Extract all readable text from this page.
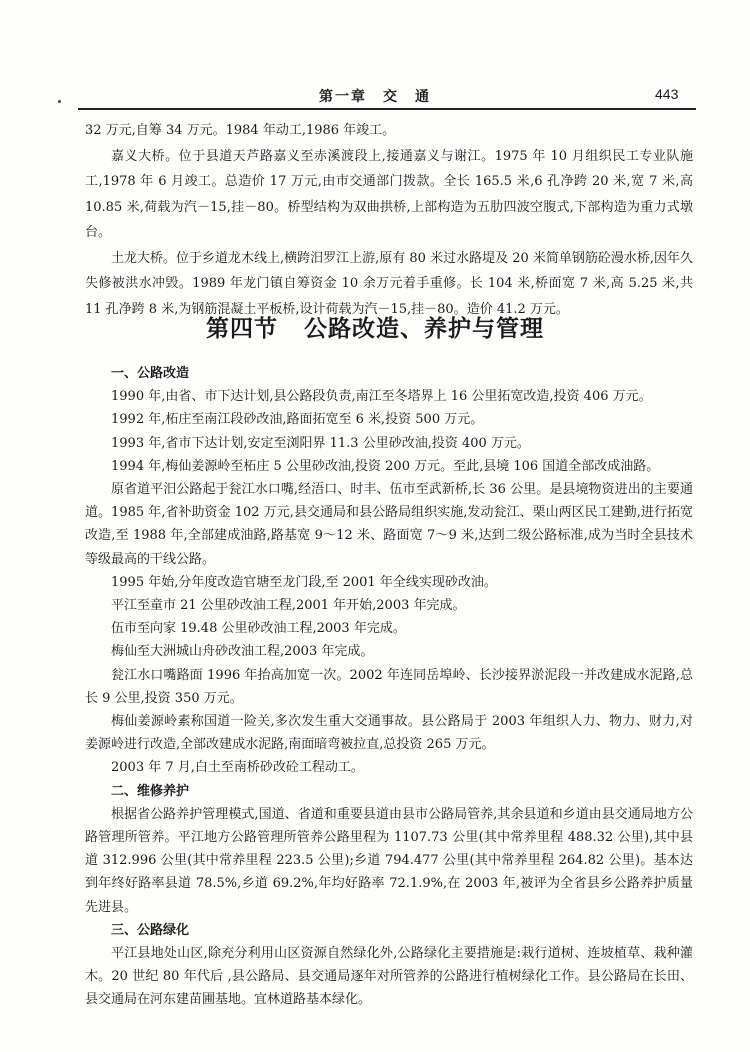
第一章　交　通	443

32 万元,自筹 34 万元。1984 年动工,1986 年竣工。

嘉义大桥。位于县道天芦路嘉义至赤溪渡段上,接通嘉义与谢江。1975 年 10 月组织民工专业队施工,1978 年 6 月竣工。总造价 17 万元,由市交通部门拨款。全长 165.5 米,6 孔净跨 20 米,宽 7 米,高 10.85 米,荷载为汽－15,挂－80。桥型结构为双曲拱桥,上部构造为五肋四波空腹式,下部构造为重力式墩台。

土龙大桥。位于乡道龙木线上,横跨汨罗江上游,原有 80 米过水路堤及 20 米简单钢筋砼漫水桥,因年久失修被洪水冲毁。1989 年龙门镇自筹资金 10 余万元着手重修。长 104 米,桥面宽 7 米,高 5.25 米,共 11 孔净跨 8 米,为钢筋混凝土平板桥,设计荷载为汽－15,挂－80。造价 41.2 万元。

第四节 公路改造、养护与管理
一、公路改造

1990 年,由省、市下达计划,县公路段负责,南江至冬塔界上 16 公里拓宽改造,投资 406 万元。

1992 年,柘庄至南江段砂改油,路面拓宽至 6 米,投资 500 万元。

1993 年,省市下达计划,安定至浏阳界 11.3 公里砂改油,投资 400 万元。

1994 年,梅仙姜源岭至柘庄 5 公里砂改油,投资 200 万元。至此,县境 106 国道全部改成油路。

原省道平汨公路起于瓮江水口嘴,经浯口、时丰、伍市至武新桥,长 36 公里。是县境物资进出的主要通道。1985 年,省补助资金 102 万元,县交通局和县公路局组织实施,发动瓮江、栗山两区民工建勤,进行拓宽改造,至 1988 年,全部建成油路,路基宽 9～12 米、路面宽 7～9 米,达到二级公路标准,成为当时全县技术等级最高的干线公路。

1995 年始,分年度改造官塘至龙门段,至 2001 年全线实现砂改油。

平江至童市 21 公里砂改油工程,2001 年开始,2003 年完成。

伍市至向家 19.48 公里砂改油工程,2003 年完成。

梅仙至大洲城山舟砂改油工程,2003 年完成。

瓮江水口嘴路面 1996 年抬高加宽一次。2002 年连同岳埠岭、长沙接界淤泥段一并改建成水泥路,总长 9 公里,投资 350 万元。

梅仙姜源岭素称国道一险关,多次发生重大交通事故。县公路局于 2003 年组织人力、物力、财力,对姜源岭进行改造,全部改建成水泥路,南面暗弯被拉直,总投资 265 万元。

2003 年 7 月,白土至南桥砂改砼工程动工。

二、维修养护

根据省公路养护管理模式,国道、省道和重要县道由县市公路局管养,其余县道和乡道由县交通局地方公路管理所管养。平江地方公路管理所管养公路里程为 1107.73 公里(其中常养里程 488.32 公里),其中县道 312.996 公里(其中常养里程 223.5 公里);乡道 794.477 公里(其中常养里程 264.82 公里)。基本达到年终好路率县道 78.5%,乡道 69.2%,年均好路率 72.1.9%,在 2003 年,被评为全省县乡公路养护质量先进县。

三、公路绿化

平江县地处山区,除充分利用山区资源自然绿化外,公路绿化主要措施是:栽行道树、连坡植草、栽种灌木。20 世纪 80 年代后 ,县公路局、县交通局逐年对所管养的公路进行植树绿化工作。县公路局在长田、县交通局在河东建苗圃基地。宜林道路基本绿化。
